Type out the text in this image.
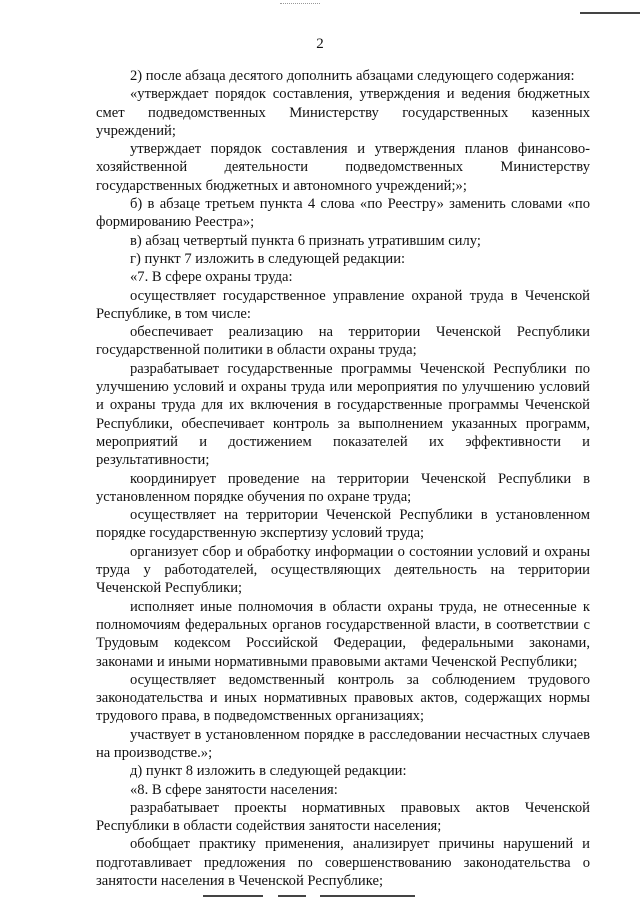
2

2) после абзаца десятого дополнить абзацами следующего содержания:

«утверждает порядок составления, утверждения и ведения бюджетных смет подведомственных Министерству государственных казенных учреждений;

утверждает порядок составления и утверждения планов финансово-хозяйственной деятельности подведомственных Министерству государственных бюджетных и автономного учреждений;»;

б) в абзаце третьем пункта 4 слова «по Реестру» заменить словами «по формированию Реестра»;

в) абзац четвертый пункта 6 признать утратившим силу;

г) пункт 7 изложить в следующей редакции:

«7. В сфере охраны труда:

осуществляет государственное управление охраной труда в Чеченской Республике, в том числе:

обеспечивает реализацию на территории Чеченской Республики государственной политики в области охраны труда;

разрабатывает государственные программы Чеченской Республики по улучшению условий и охраны труда или мероприятия по улучшению условий и охраны труда для их включения в государственные программы Чеченской Республики, обеспечивает контроль за выполнением указанных программ, мероприятий и достижением показателей их эффективности и результативности;

координирует проведение на территории Чеченской Республики в установленном порядке обучения по охране труда;

осуществляет на территории Чеченской Республики в установленном порядке государственную экспертизу условий труда;

организует сбор и обработку информации о состоянии условий и охраны труда у работодателей, осуществляющих деятельность на территории Чеченской Республики;

исполняет иные полномочия в области охраны труда, не отнесенные к полномочиям федеральных органов государственной власти, в соответствии с Трудовым кодексом Российской Федерации, федеральными законами, законами и иными нормативными правовыми актами Чеченской Республики;

осуществляет ведомственный контроль за соблюдением трудового законодательства и иных нормативных правовых актов, содержащих нормы трудового права, в подведомственных организациях;

участвует в установленном порядке в расследовании несчастных случаев на производстве.»;

д) пункт 8 изложить в следующей редакции:

«8. В сфере занятости населения:

разрабатывает проекты нормативных правовых актов Чеченской Республики в области содействия занятости населения;

обобщает практику применения, анализирует причины нарушений и подготавливает предложения по совершенствованию законодательства о занятости населения в Чеченской Республике;
